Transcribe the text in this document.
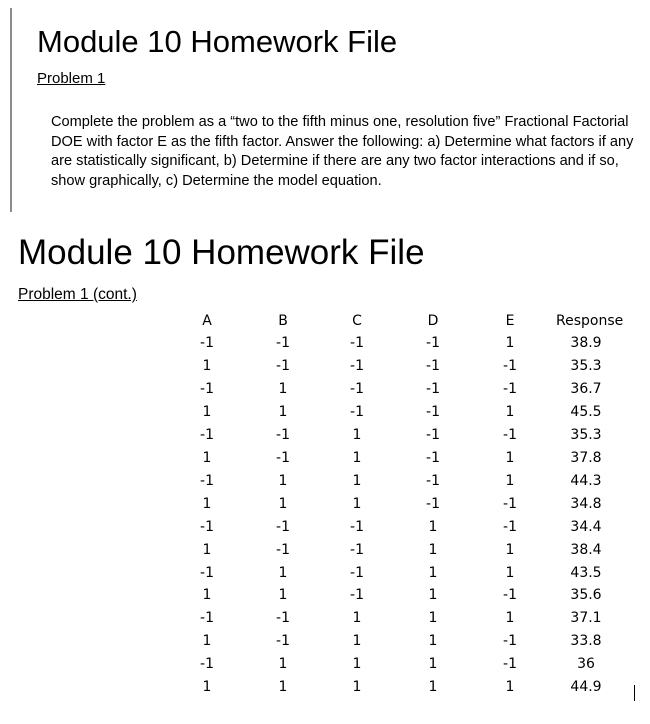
Module 10 Homework File
Problem 1

Complete the problem as a “two to the fifth minus one, resolution five” Fractional Factorial DOE with factor E as the fifth factor. Answer the following: a) Determine what factors if any are statistically significant, b) Determine if there are any two factor interactions and if so, show graphically, c) Determine the model equation.

Module 10 Homework File
Problem 1 (cont.)
A	B	C	D	E	Response
-1	-1	-1	-1	1	38.9
1	-1	-1	-1	-1	35.3
-1	1	-1	-1	-1	36.7
1	1	-1	-1	1	45.5
-1	-1	1	-1	-1	35.3
1	-1	1	-1	1	37.8
-1	1	1	-1	1	44.3
1	1	1	-1	-1	34.8
-1	-1	-1	1	-1	34.4
1	-1	-1	1	1	38.4
-1	1	-1	1	1	43.5
1	1	-1	1	-1	35.6
-1	-1	1	1	1	37.1
1	-1	1	1	-1	33.8
-1	1	1	1	-1	36
1	1	1	1	1	44.9
